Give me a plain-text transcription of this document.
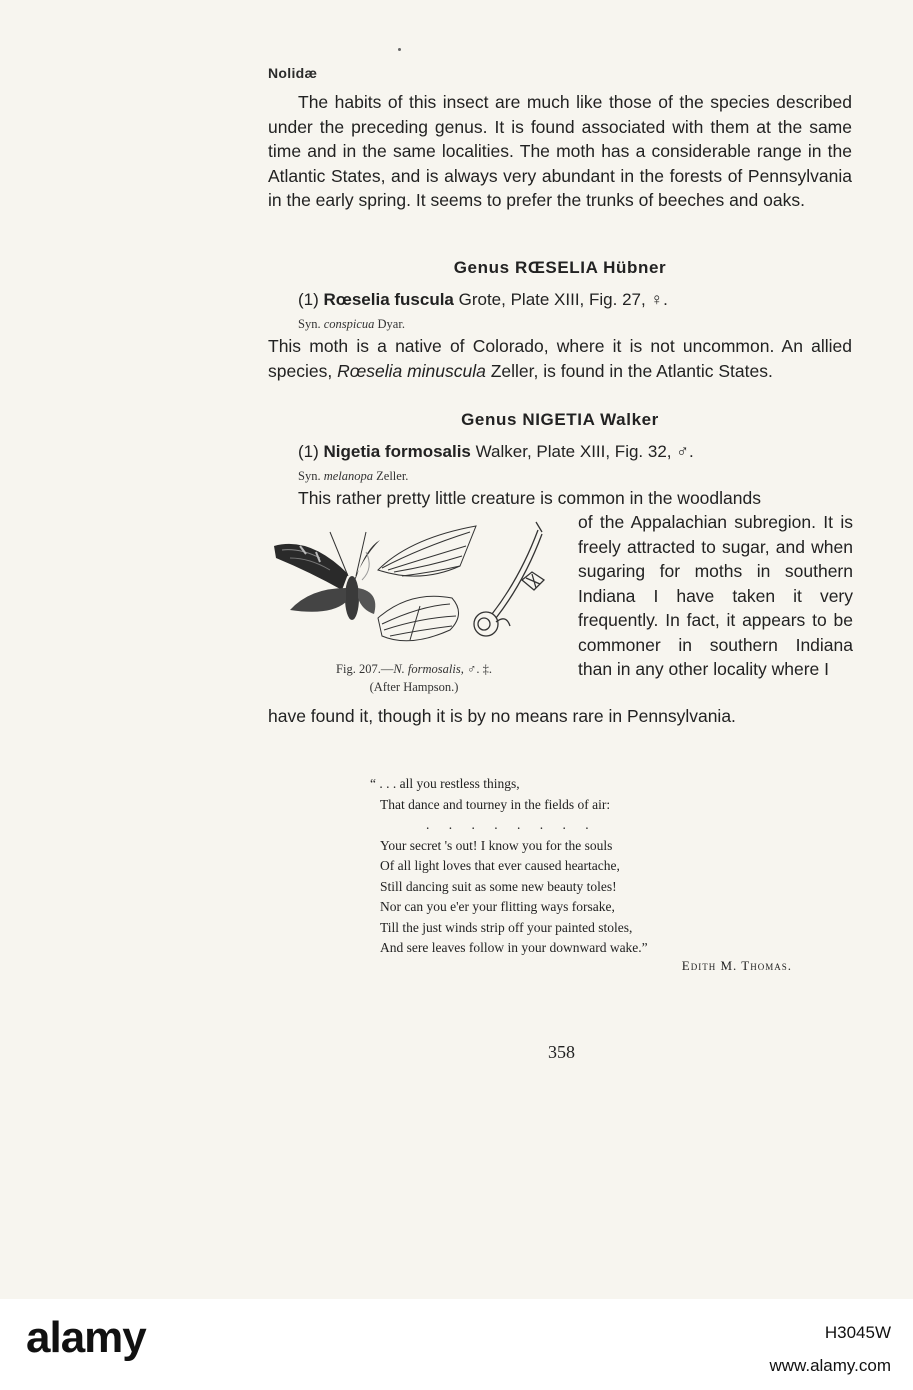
Nolidæ
The habits of this insect are much like those of the species described under the preceding genus. It is found associated with them at the same time and in the same localities. The moth has a considerable range in the Atlantic States, and is always very abundant in the forests of Pennsylvania in the early spring. It seems to prefer the trunks of beeches and oaks.
Genus RŒSELIA Hübner
(1) Rœselia fuscula Grote, Plate XIII, Fig. 27, ♀.
Syn. conspicua Dyar.
This moth is a native of Colorado, where it is not uncommon. An allied species, Rœselia minuscula Zeller, is found in the Atlantic States.
Genus NIGETIA Walker
(1) Nigetia formosalis Walker, Plate XIII, Fig. 32, ♂.
Syn. melanopa Zeller.
This rather pretty little creature is common in the woodlands
Fig. 207.—N. formosalis, ♂. ‡.
(After Hampson.)
of the Appalachian subregion. It is freely attracted to sugar, and when sugaring for moths in southern Indiana I have taken it very frequently. In fact, it appears to be commoner in southern Indiana than in any other locality where I
have found it, though it is by no means rare in Pennsylvania.
“ . . . all you restless things,
That dance and tourney in the fields of air:
. . . . . . . .
Your secret 's out! I know you for the souls
Of all light loves that ever caused heartache,
Still dancing suit as some new beauty toles!
Nor can you e'er your flitting ways forsake,
Till the just winds strip off your painted stoles,
And sere leaves follow in your downward wake.”
Edith M. Thomas.
358
alamy	H3045W
www.alamy.com
